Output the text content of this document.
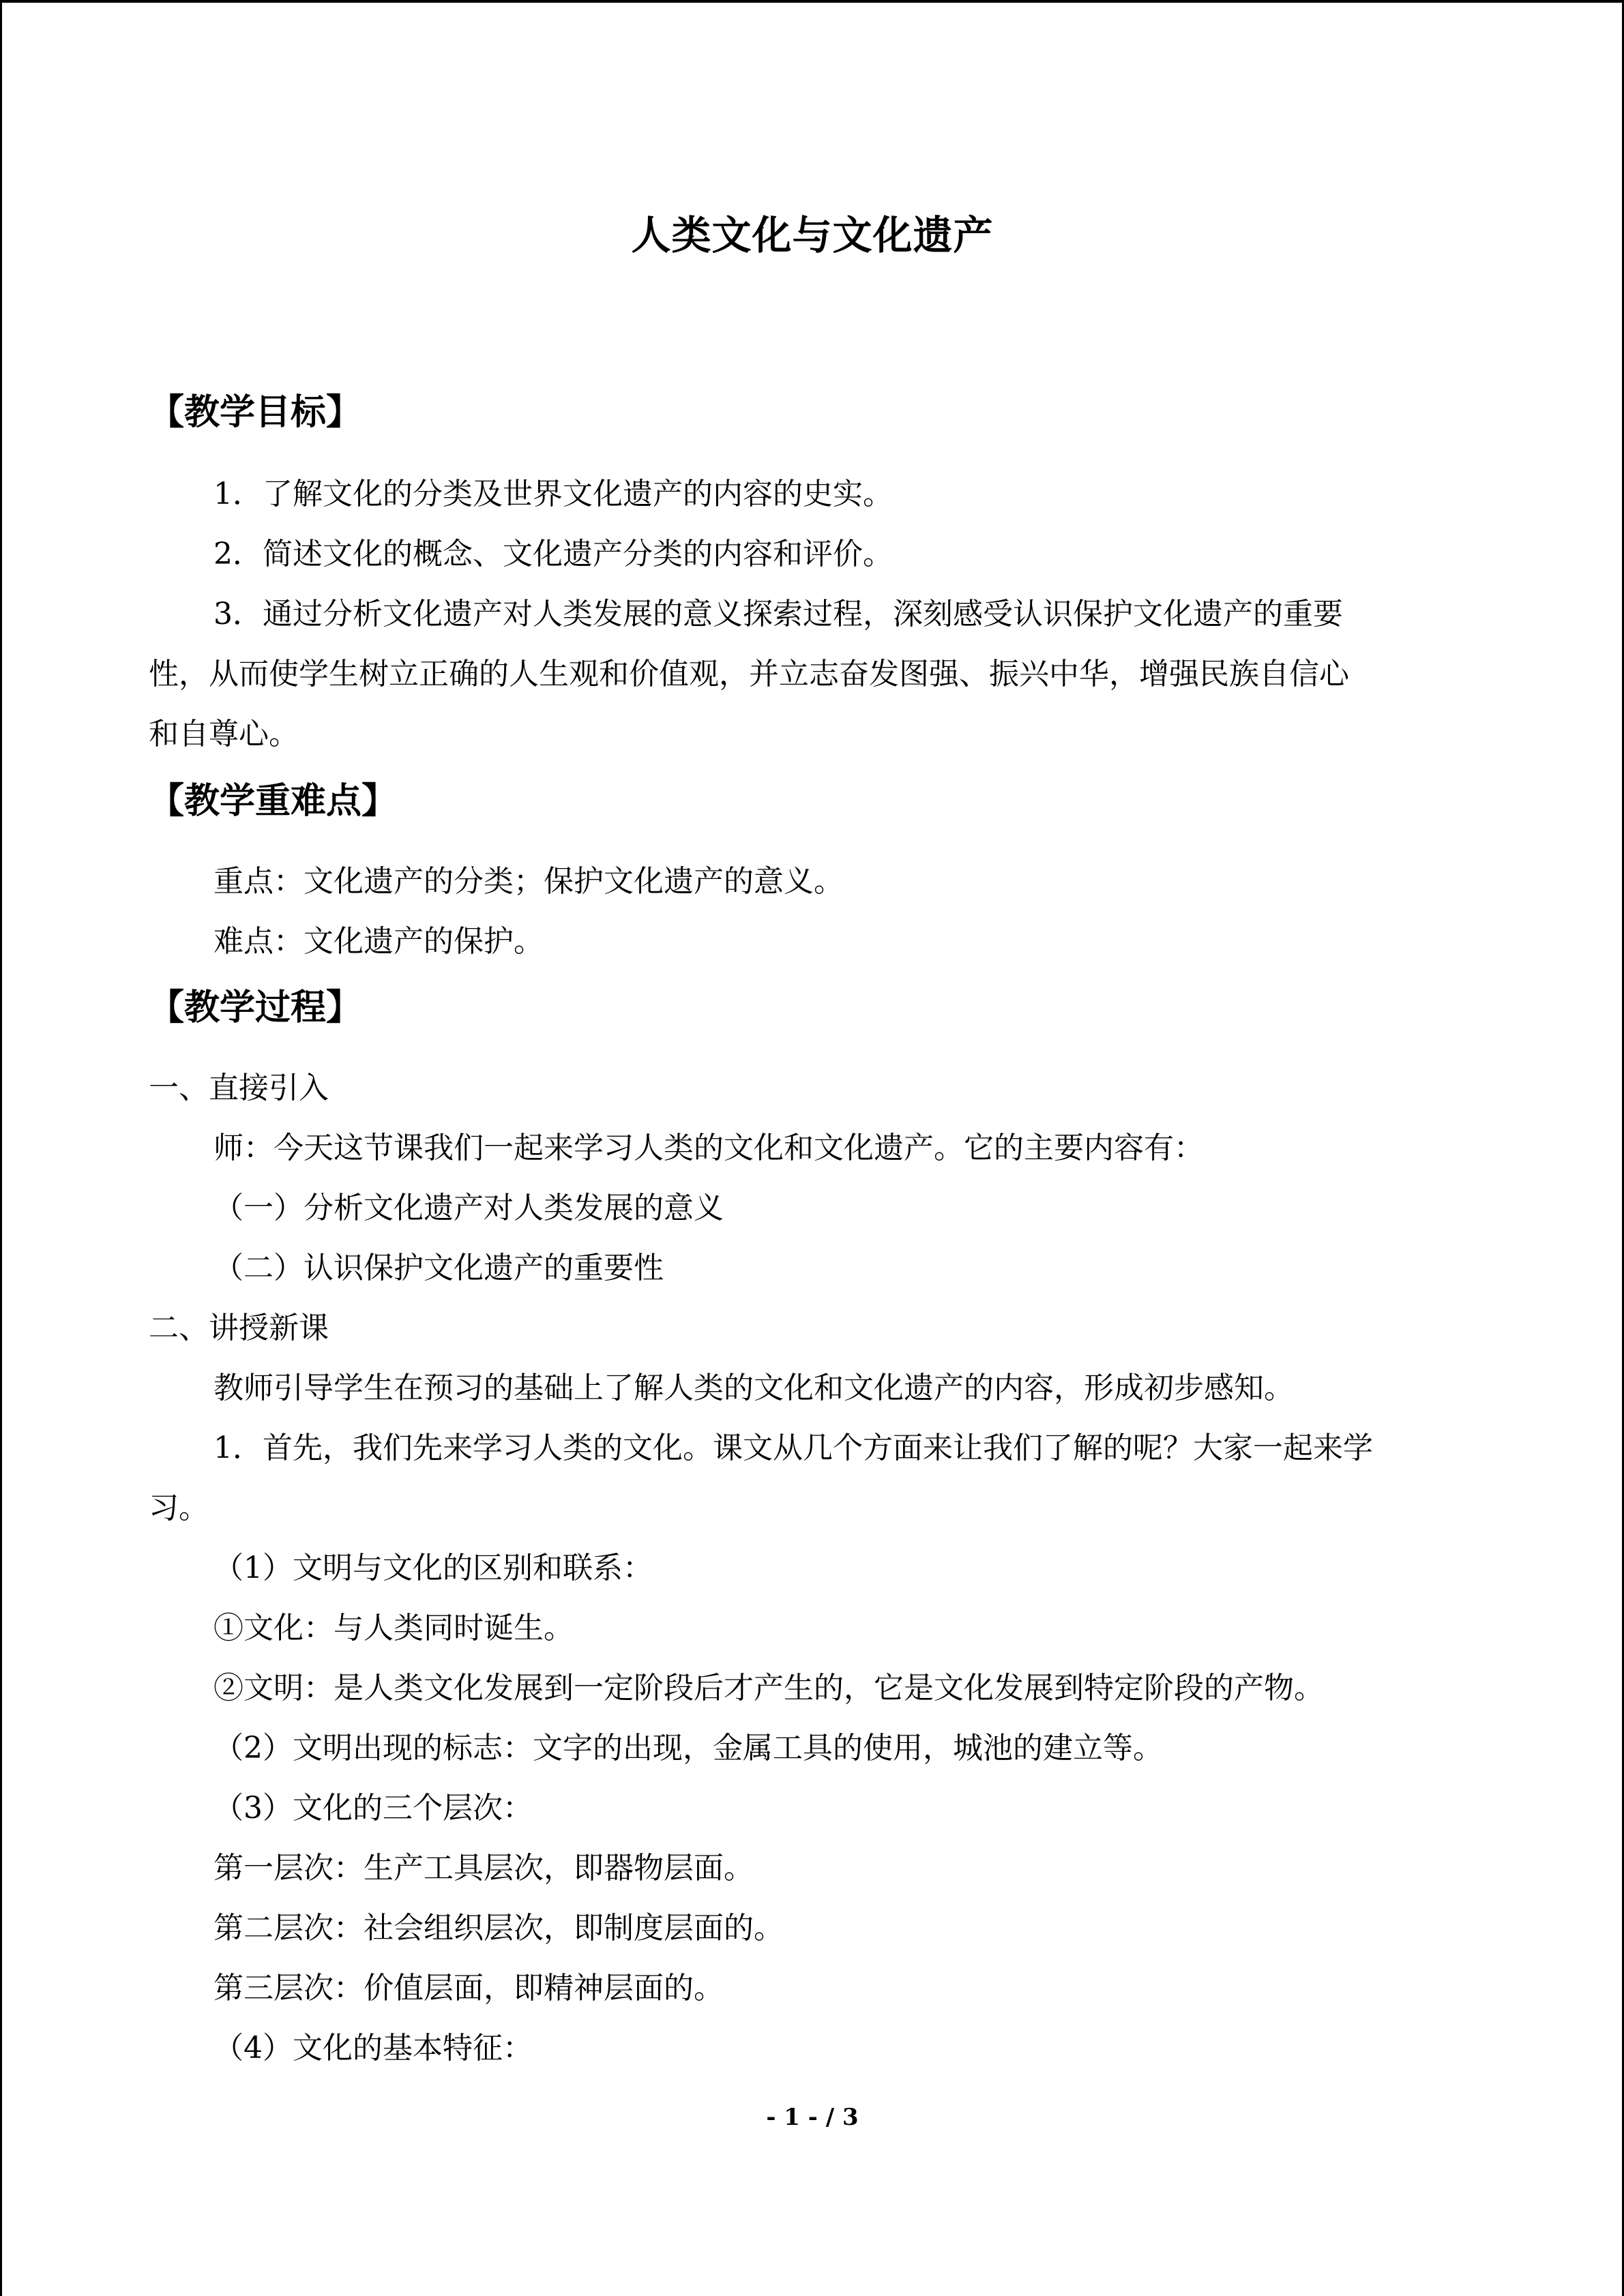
人类文化与文化遗产
【教学目标】
1．了解文化的分类及世界文化遗产的内容的史实。
2．简述文化的概念、文化遗产分类的内容和评价。
3．通过分析文化遗产对人类发展的意义探索过程，深刻感受认识保护文化遗产的重要
性，从而使学生树立正确的人生观和价值观，并立志奋发图强、振兴中华，增强民族自信心
和自尊心。
【教学重难点】
重点：文化遗产的分类；保护文化遗产的意义。
难点：文化遗产的保护。
【教学过程】
一、直接引入
师：今天这节课我们一起来学习人类的文化和文化遗产。它的主要内容有：
（一）分析文化遗产对人类发展的意义
（二）认识保护文化遗产的重要性
二、讲授新课
教师引导学生在预习的基础上了解人类的文化和文化遗产的内容，形成初步感知。
1．首先，我们先来学习人类的文化。课文从几个方面来让我们了解的呢？大家一起来学
习。
（1）文明与文化的区别和联系：
①文化：与人类同时诞生。
②文明：是人类文化发展到一定阶段后才产生的，它是文化发展到特定阶段的产物。
（2）文明出现的标志：文字的出现，金属工具的使用，城池的建立等。
（3）文化的三个层次：
第一层次：生产工具层次，即器物层面。
第二层次：社会组织层次，即制度层面的。
第三层次：价值层面，即精神层面的。
（4）文化的基本特征：
- 1 - / 3
